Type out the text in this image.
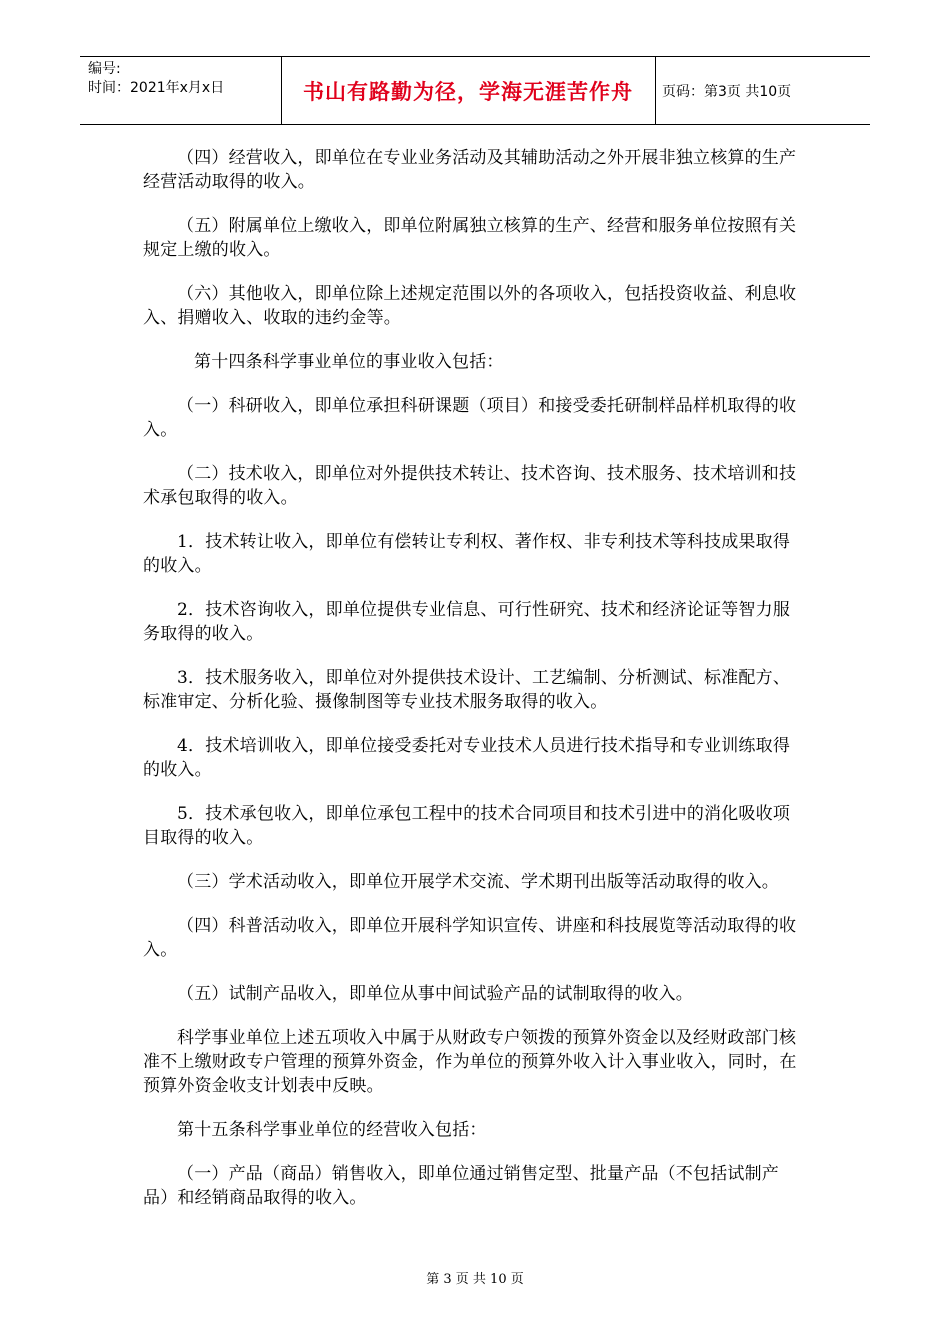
编号:
时间：2021年x月x日	书山有路勤为径，学海无涯苦作舟	页码：第3页 共10页

（四）经营收入，即单位在专业业务活动及其辅助活动之外开展非独立核算的生产经营活动取得的收入。

（五）附属单位上缴收入，即单位附属独立核算的生产、经营和服务单位按照有关规定上缴的收入。

（六）其他收入，即单位除上述规定范围以外的各项收入，包括投资收益、利息收入、捐赠收入、收取的违约金等。

第十四条科学事业单位的事业收入包括：

（一）科研收入，即单位承担科研课题（项目）和接受委托研制样品样机取得的收入。

（二）技术收入，即单位对外提供技术转让、技术咨询、技术服务、技术培训和技术承包取得的收入。

1．技术转让收入，即单位有偿转让专利权、著作权、非专利技术等科技成果取得的收入。

2．技术咨询收入，即单位提供专业信息、可行性研究、技术和经济论证等智力服务取得的收入。

3．技术服务收入，即单位对外提供技术设计、工艺编制、分析测试、标准配方、标准审定、分析化验、摄像制图等专业技术服务取得的收入。

4．技术培训收入，即单位接受委托对专业技术人员进行技术指导和专业训练取得的收入。

5．技术承包收入，即单位承包工程中的技术合同项目和技术引进中的消化吸收项目取得的收入。

（三）学术活动收入，即单位开展学术交流、学术期刊出版等活动取得的收入。

（四）科普活动收入，即单位开展科学知识宣传、讲座和科技展览等活动取得的收入。

（五）试制产品收入，即单位从事中间试验产品的试制取得的收入。

科学事业单位上述五项收入中属于从财政专户领拨的预算外资金以及经财政部门核准不上缴财政专户管理的预算外资金，作为单位的预算外收入计入事业收入，同时，在预算外资金收支计划表中反映。

第十五条科学事业单位的经营收入包括：

（一）产品（商品）销售收入，即单位通过销售定型、批量产品（不包括试制产品）和经销商品取得的收入。

第 3 页 共 10 页
